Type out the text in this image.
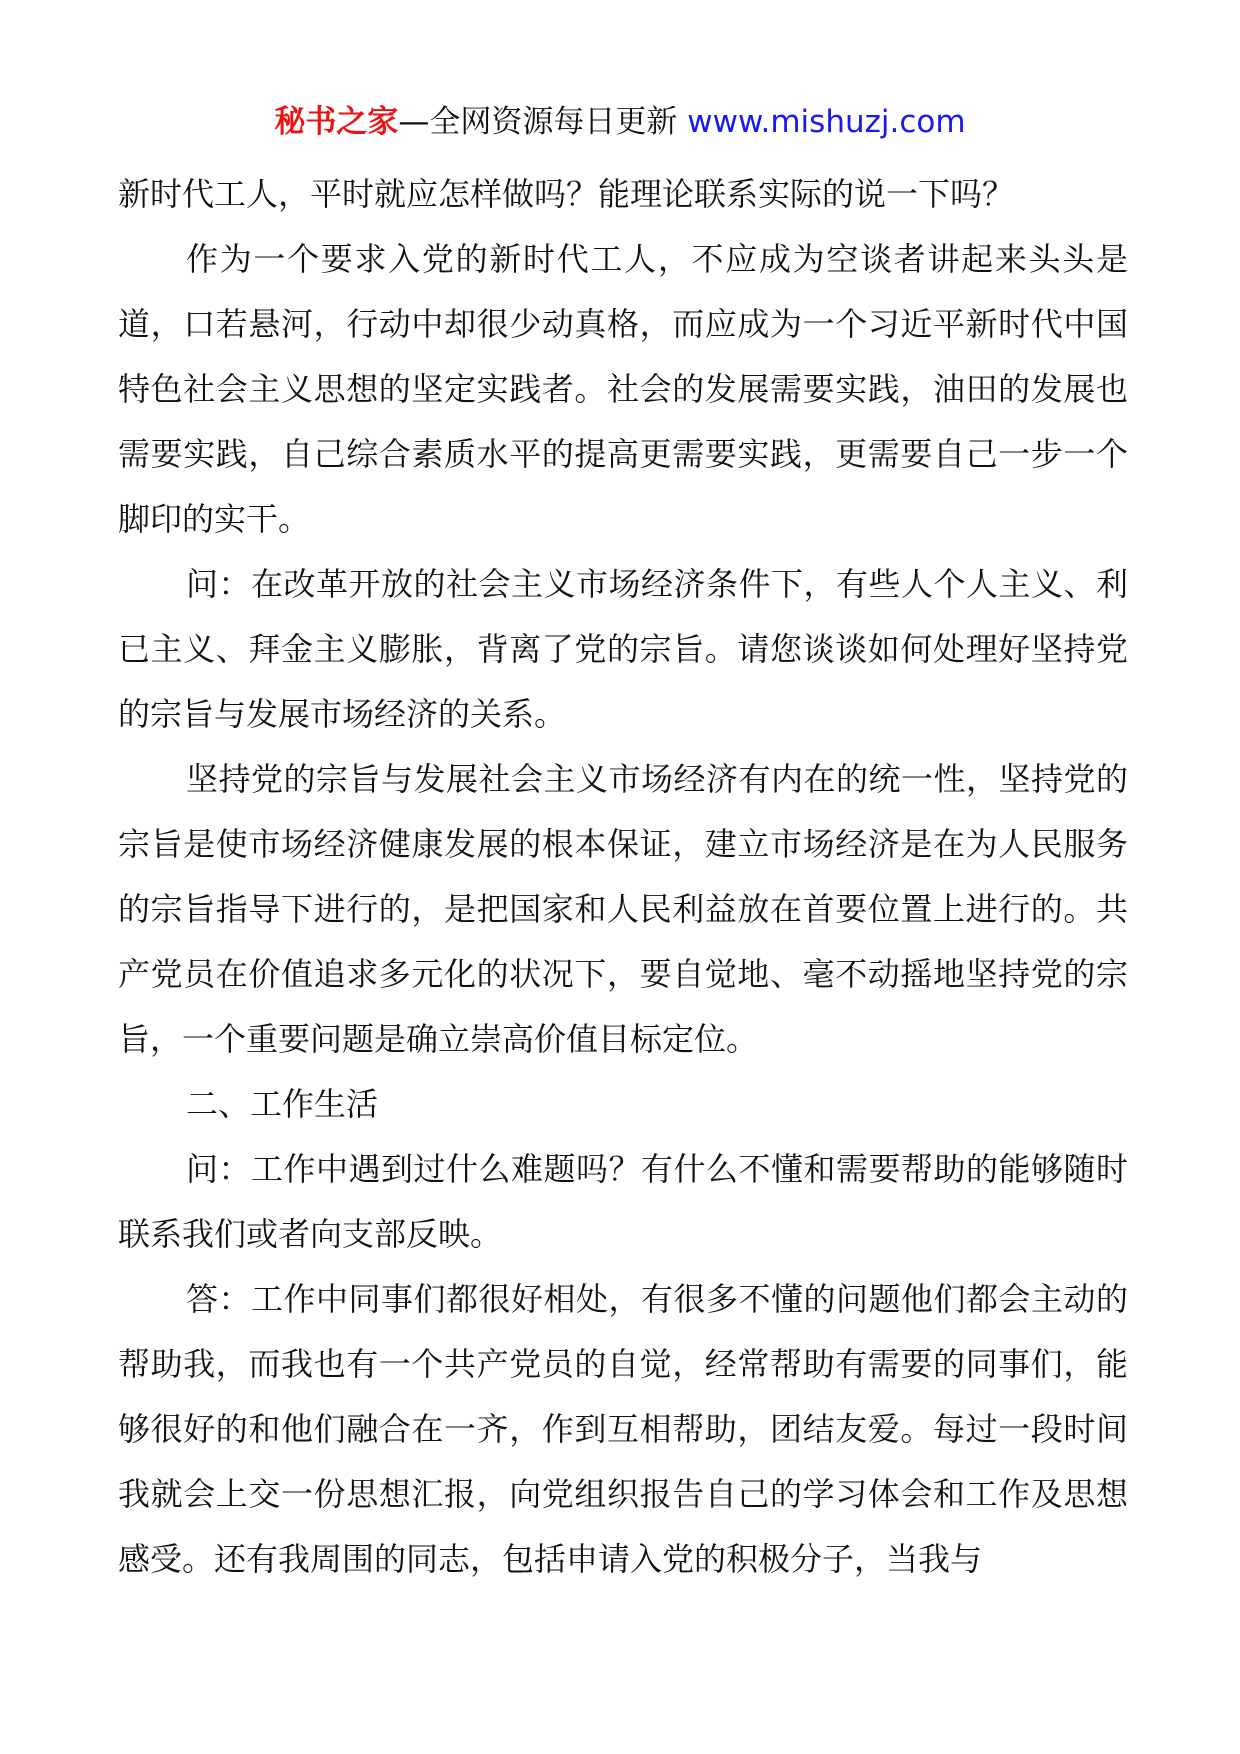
秘书之家—全网资源每日更新 www.mishuzj.com

新时代工人，平时就应怎样做吗？能理论联系实际的说一下吗？

作为一个要求入党的新时代工人，不应成为空谈者讲起来头头是道，口若悬河，行动中却很少动真格，而应成为一个习近平新时代中国特色社会主义思想的坚定实践者。社会的发展需要实践，油田的发展也需要实践，自己综合素质水平的提高更需要实践，更需要自己一步一个脚印的实干。

问：在改革开放的社会主义市场经济条件下，有些人个人主义、利已主义、拜金主义膨胀，背离了党的宗旨。请您谈谈如何处理好坚持党的宗旨与发展市场经济的关系。

坚持党的宗旨与发展社会主义市场经济有内在的统一性，坚持党的宗旨是使市场经济健康发展的根本保证，建立市场经济是在为人民服务的宗旨指导下进行的，是把国家和人民利益放在首要位置上进行的。共产党员在价值追求多元化的状况下，要自觉地、毫不动摇地坚持党的宗旨，一个重要问题是确立崇高价值目标定位。

二、工作生活

问：工作中遇到过什么难题吗？有什么不懂和需要帮助的能够随时联系我们或者向支部反映。

答：工作中同事们都很好相处，有很多不懂的问题他们都会主动的帮助我，而我也有一个共产党员的自觉，经常帮助有需要的同事们，能够很好的和他们融合在一齐，作到互相帮助，团结友爱。每过一段时间我就会上交一份思想汇报，向党组织报告自己的学习体会和工作及思想感受。还有我周围的同志，包括申请入党的积极分子，当我与
